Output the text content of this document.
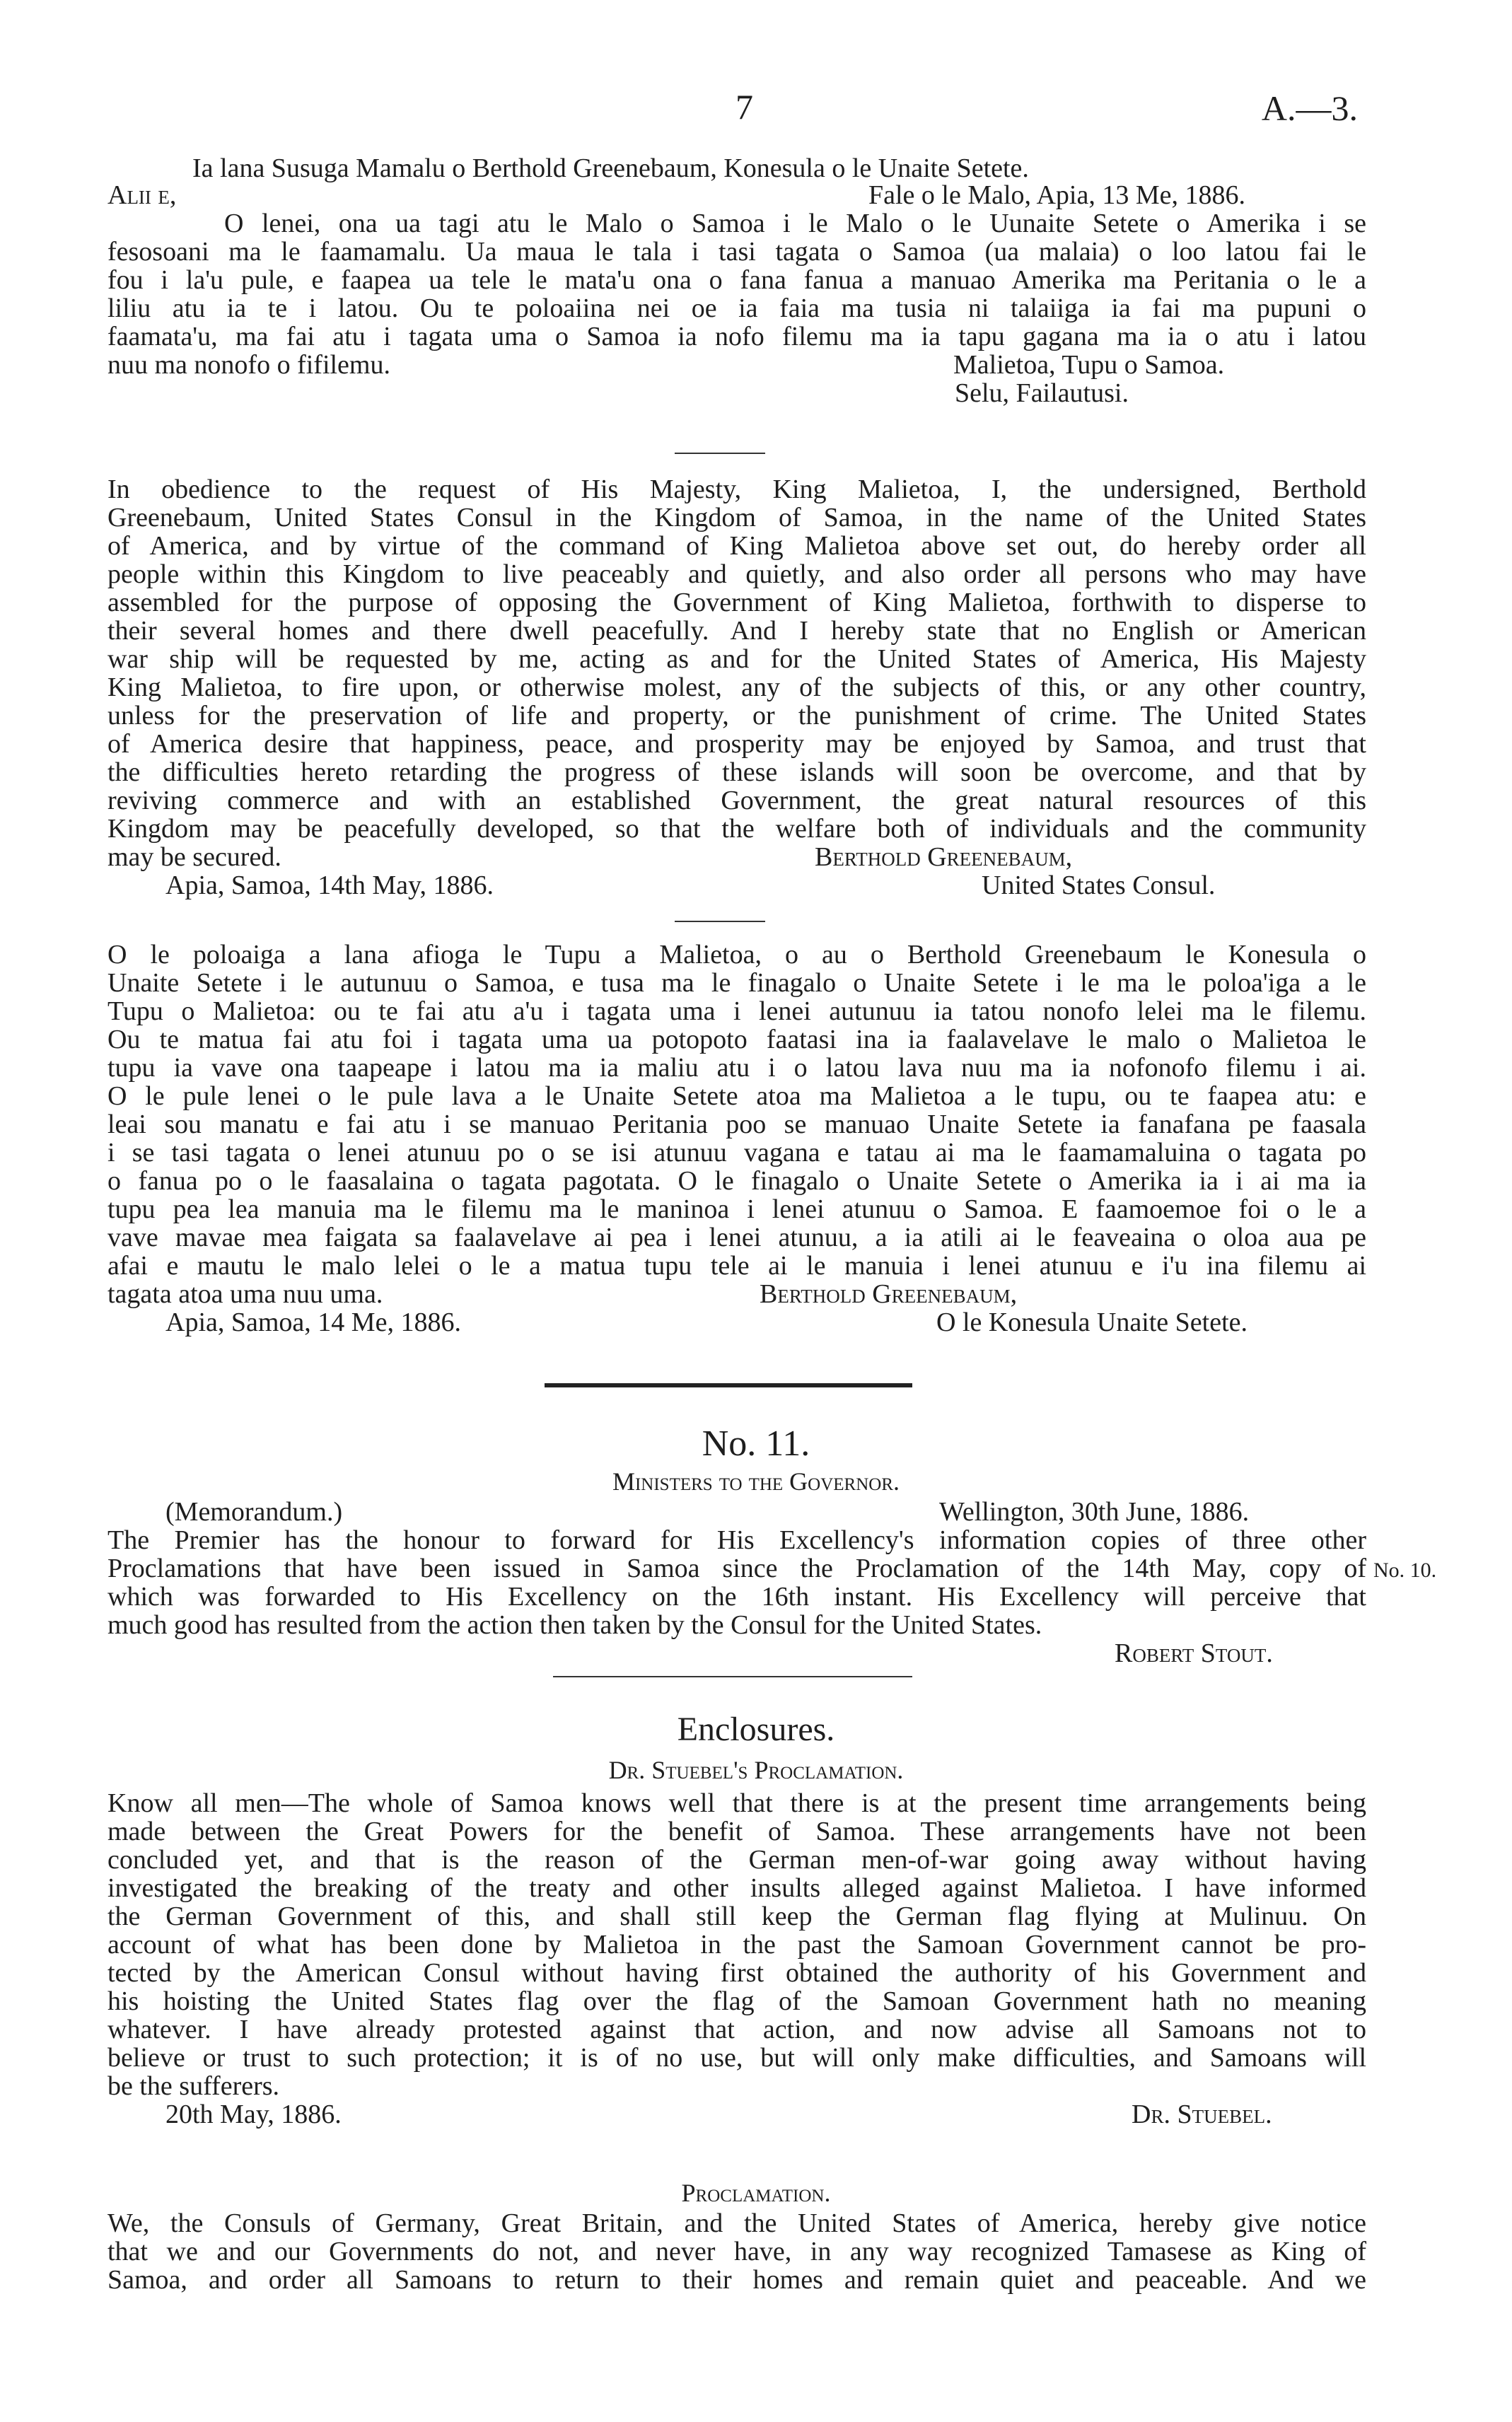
7	A.—3.
Ia lana Susuga Mamalu o Berthold Greenebaum, Konesula o le Unaite Setete.
Alii e,	Fale o le Malo, Apia, 13 Me, 1886.
O lenei, ona ua tagi atu le Malo o Samoa i le Malo o le Uunaite Setete o Amerika i se
fesosoani ma le faamamalu. Ua maua le tala i tasi tagata o Samoa (ua malaia) o loo latou fai le
fou i la'u pule, e faapea ua tele le mata'u ona o fana fanua a manuao Amerika ma Peritania o le a
liliu atu ia te i latou. Ou te poloaiina nei oe ia faia ma tusia ni talaiiga ia fai ma pupuni o
faamata'u, ma fai atu i tagata uma o Samoa ia nofo filemu ma ia tapu gagana ma ia o atu i latou
nuu ma nonofo o fifilemu.	Malietoa, Tupu o Samoa.
Selu, Failautusi.
In obedience to the request of His Majesty, King Malietoa, I, the undersigned, Berthold
Greenebaum, United States Consul in the Kingdom of Samoa, in the name of the United States
of America, and by virtue of the command of King Malietoa above set out, do hereby order all
people within this Kingdom to live peaceably and quietly, and also order all persons who may have
assembled for the purpose of opposing the Government of King Malietoa, forthwith to disperse to
their several homes and there dwell peacefully. And I hereby state that no English or American
war ship will be requested by me, acting as and for the United States of America, His Majesty
King Malietoa, to fire upon, or otherwise molest, any of the subjects of this, or any other country,
unless for the preservation of life and property, or the punishment of crime. The United States
of America desire that happiness, peace, and prosperity may be enjoyed by Samoa, and trust that
the difficulties hereto retarding the progress of these islands will soon be overcome, and that by
reviving commerce and with an established Government, the great natural resources of this
Kingdom may be peacefully developed, so that the welfare both of individuals and the community
may be secured.	Berthold Greenebaum,
Apia, Samoa, 14th May, 1886.	United States Consul.
O le poloaiga a lana afioga le Tupu a Malietoa, o au o Berthold Greenebaum le Konesula o
Unaite Setete i le autunuu o Samoa, e tusa ma le finagalo o Unaite Setete i le ma le poloa'iga a le
Tupu o Malietoa: ou te fai atu a'u i tagata uma i lenei autunuu ia tatou nonofo lelei ma le filemu.
Ou te matua fai atu foi i tagata uma ua potopoto faatasi ina ia faalavelave le malo o Malietoa le
tupu ia vave ona taapeape i latou ma ia maliu atu i o latou lava nuu ma ia nofonofo filemu i ai.
O le pule lenei o le pule lava a le Unaite Setete atoa ma Malietoa a le tupu, ou te faapea atu: e
leai sou manatu e fai atu i se manuao Peritania poo se manuao Unaite Setete ia fanafana pe faasala
i se tasi tagata o lenei atunuu po o se isi atunuu vagana e tatau ai ma le faamamaluina o tagata po
o fanua po o le faasalaina o tagata pagotata. O le finagalo o Unaite Setete o Amerika ia i ai ma ia
tupu pea lea manuia ma le filemu ma le maninoa i lenei atunuu o Samoa. E faamoemoe foi o le a
vave mavae mea faigata sa faalavelave ai pea i lenei atunuu, a ia atili ai le feaveaina o oloa aua pe
afai e mautu le malo lelei o le a matua tupu tele ai le manuia i lenei atunuu e i'u ina filemu ai
tagata atoa uma nuu uma.	Berthold Greenebaum,
Apia, Samoa, 14 Me, 1886.	O le Konesula Unaite Setete.
No. 11.
Ministers to the Governor.
(Memorandum.)	Wellington, 30th June, 1886.
The Premier has the honour to forward for His Excellency's information copies of three other
Proclamations that have been issued in Samoa since the Proclamation of the 14th May, copy of
which was forwarded to His Excellency on the 16th instant. His Excellency will perceive that
much good has resulted from the action then taken by the Consul for the United States.
Robert Stout.
No. 10.
Enclosures.
Dr. Stuebel's Proclamation.
Know all men—The whole of Samoa knows well that there is at the present time arrangements being
made between the Great Powers for the benefit of Samoa. These arrangements have not been
concluded yet, and that is the reason of the German men-of-war going away without having
investigated the breaking of the treaty and other insults alleged against Malietoa. I have informed
the German Government of this, and shall still keep the German flag flying at Mulinuu. On
account of what has been done by Malietoa in the past the Samoan Government cannot be pro-
tected by the American Consul without having first obtained the authority of his Government and
his hoisting the United States flag over the flag of the Samoan Government hath no meaning
whatever. I have already protested against that action, and now advise all Samoans not to
believe or trust to such protection; it is of no use, but will only make difficulties, and Samoans will
be the sufferers.
20th May, 1886.	Dr. Stuebel.
Proclamation.
We, the Consuls of Germany, Great Britain, and the United States of America, hereby give notice
that we and our Governments do not, and never have, in any way recognized Tamasese as King of
Samoa, and order all Samoans to return to their homes and remain quiet and peaceable. And we
